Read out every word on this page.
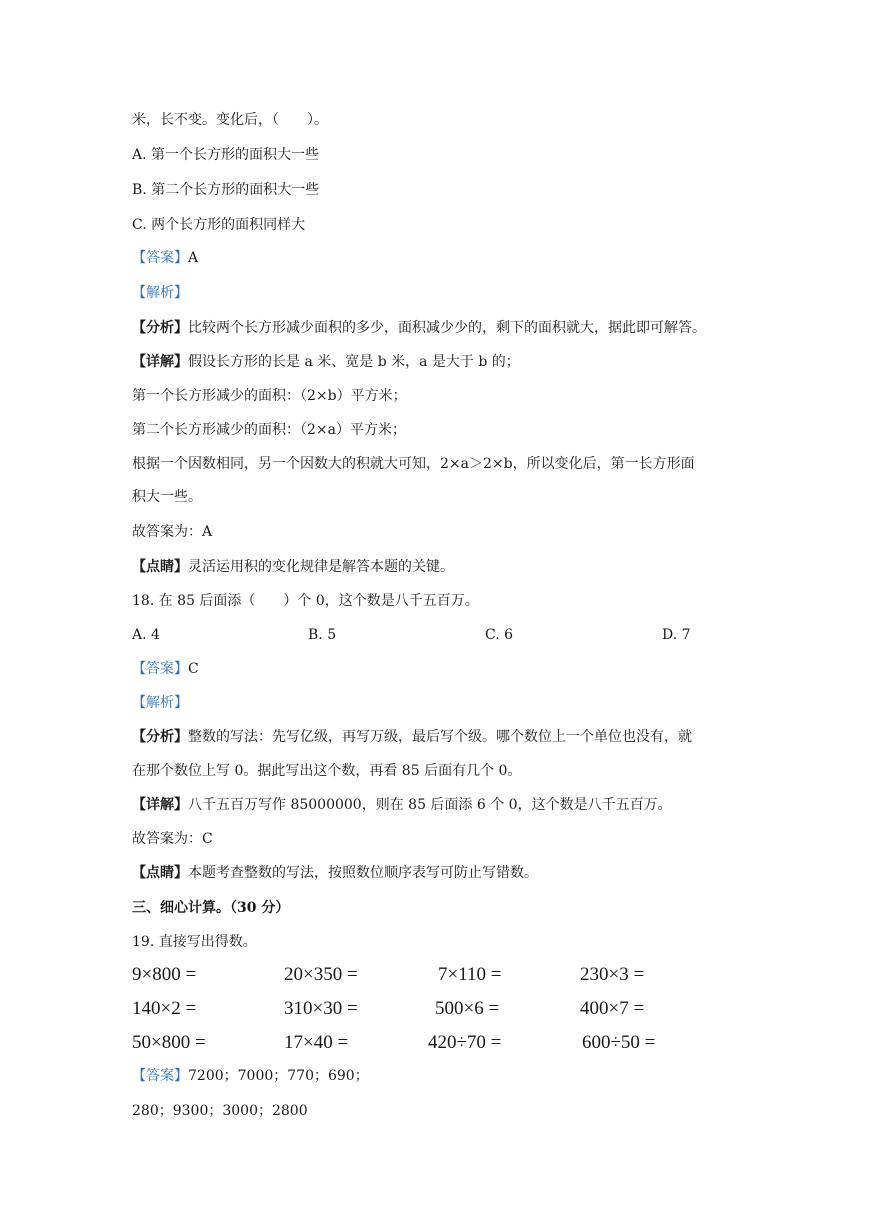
米，长不变。变化后，（　　）。
A. 第一个长方形的面积大一些
B. 第二个长方形的面积大一些
C. 两个长方形的面积同样大
【答案】A
【解析】
【分析】比较两个长方形减少面积的多少，面积减少少的，剩下的面积就大，据此即可解答。
【详解】假设长方形的长是 a 米、宽是 b 米，a 是大于 b 的；
第一个长方形减少的面积：（2×b）平方米；
第二个长方形减少的面积：（2×a）平方米；
根据一个因数相同，另一个因数大的积就大可知，2×a＞2×b，所以变化后，第一长方形面
积大一些。
故答案为：A
【点睛】灵活运用积的变化规律是解答本题的关键。
18. 在 85 后面添（　　）个 0，这个数是八千五百万。
A. 4	B. 5	C. 6	D. 7
【答案】C
【解析】
【分析】整数的写法：先写亿级，再写万级，最后写个级。哪个数位上一个单位也没有，就
在那个数位上写 0。据此写出这个数，再看 85 后面有几个 0。
【详解】八千五百万写作 85000000，则在 85 后面添 6 个 0，这个数是八千五百万。
故答案为：C
【点睛】本题考查整数的写法，按照数位顺序表写可防止写错数。
三、细心计算。（30 分）
19. 直接写出得数。
9×800 =	20×350 =	7×110 =	230×3 =
140×2 =	310×30 =	500×6 =	400×7 =
50×800 =	17×40 =	420÷70 =	600÷50 =
【答案】7200；7000；770；690；
280；9300；3000；2800
